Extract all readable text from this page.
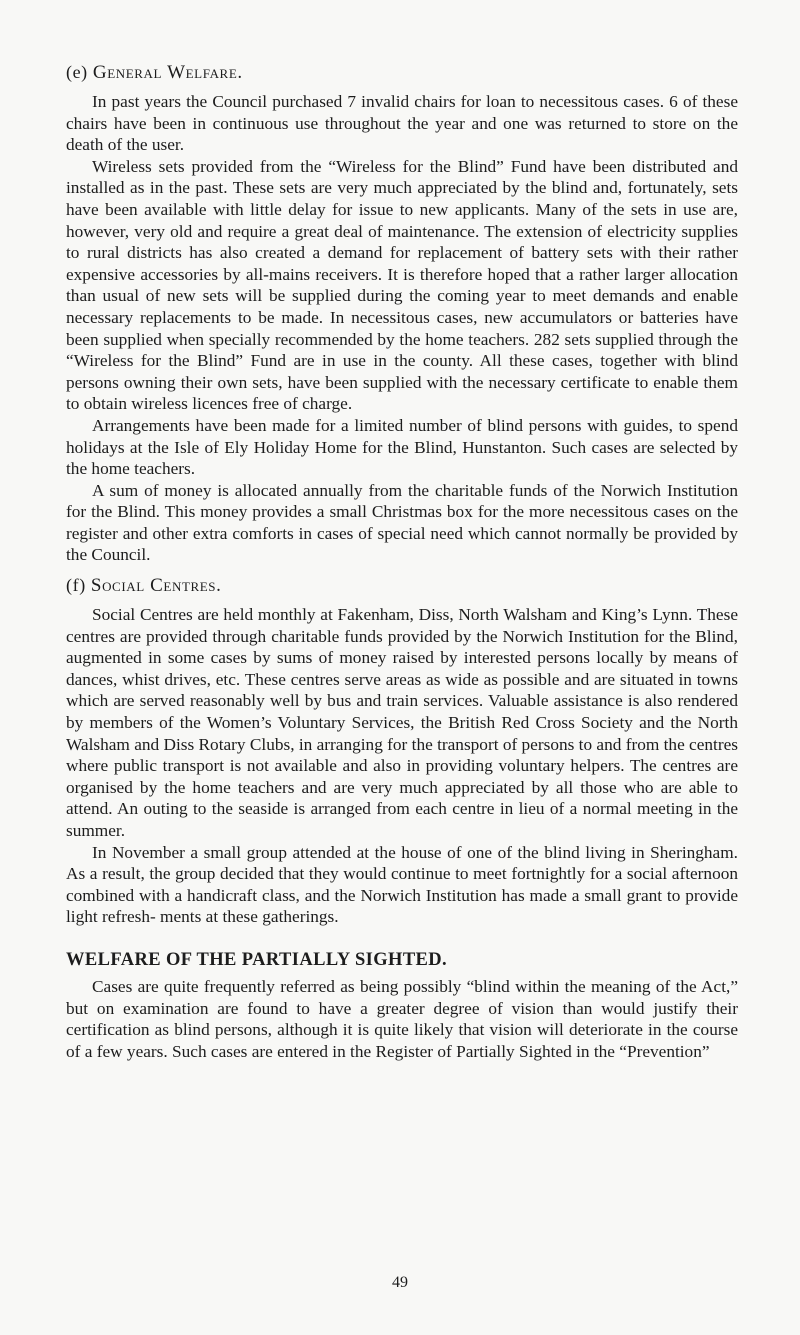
(e) General Welfare.

In past years the Council purchased 7 invalid chairs for loan to necessitous cases. 6 of these chairs have been in continuous use throughout the year and one was returned to store on the death of the user.

Wireless sets provided from the “Wireless for the Blind” Fund have been distributed and installed as in the past. These sets are very much appreciated by the blind and, fortunately, sets have been available with little delay for issue to new applicants. Many of the sets in use are, however, very old and require a great deal of maintenance. The extension of electricity supplies to rural districts has also created a demand for replacement of battery sets with their rather expensive accessories by all-mains receivers. It is therefore hoped that a rather larger allocation than usual of new sets will be supplied during the coming year to meet demands and enable necessary replacements to be made. In necessitous cases, new accumulators or batteries have been supplied when specially recommended by the home teachers. 282 sets supplied through the “Wireless for the Blind” Fund are in use in the county. All these cases, together with blind persons owning their own sets, have been supplied with the necessary certificate to enable them to obtain wireless licences free of charge.

Arrangements have been made for a limited number of blind persons with guides, to spend holidays at the Isle of Ely Holiday Home for the Blind, Hunstanton. Such cases are selected by the home teachers.

A sum of money is allocated annually from the charitable funds of the Norwich Institution for the Blind. This money provides a small Christmas box for the more necessitous cases on the register and other extra comforts in cases of special need which cannot normally be provided by the Council.

(f) Social Centres.

Social Centres are held monthly at Fakenham, Diss, North Walsham and King’s Lynn. These centres are provided through charitable funds provided by the Norwich Institution for the Blind, augmented in some cases by sums of money raised by interested persons locally by means of dances, whist drives, etc. These centres serve areas as wide as possible and are situated in towns which are served reasonably well by bus and train services. Valuable assistance is also rendered by members of the Women’s Voluntary Services, the British Red Cross Society and the North Walsham and Diss Rotary Clubs, in arranging for the transport of persons to and from the centres where public transport is not available and also in providing voluntary helpers. The centres are organised by the home teachers and are very much appreciated by all those who are able to attend. An outing to the seaside is arranged from each centre in lieu of a normal meeting in the summer.

In November a small group attended at the house of one of the blind living in Sheringham. As a result, the group decided that they would continue to meet fortnightly for a social afternoon combined with a handicraft class, and the Norwich Institution has made a small grant to provide light refresh- ments at these gatherings.

WELFARE OF THE PARTIALLY SIGHTED.

Cases are quite frequently referred as being possibly “blind within the meaning of the Act,” but on examination are found to have a greater degree of vision than would justify their certification as blind persons, although it is quite likely that vision will deteriorate in the course of a few years. Such cases are entered in the Register of Partially Sighted in the “Prevention”

49
